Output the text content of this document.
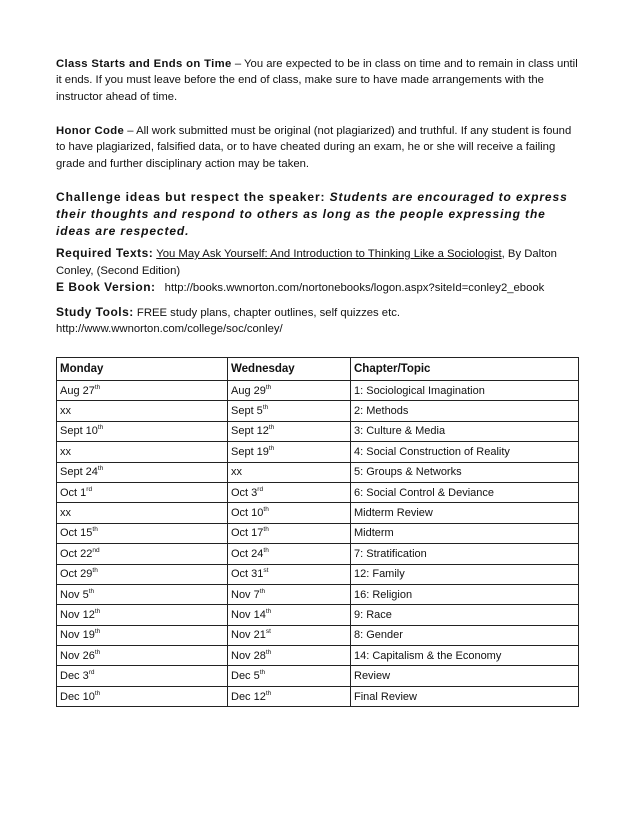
Class Starts and Ends on Time – You are expected to be in class on time and to remain in class until it ends. If you must leave before the end of class, make sure to have made arrangements with the instructor ahead of time.

Honor Code – All work submitted must be original (not plagiarized) and truthful. If any student is found to have plagiarized, falsified data, or to have cheated during an exam, he or she will receive a failing grade and further disciplinary action may be taken.

Challenge ideas but respect the speaker: Students are encouraged to express their thoughts and respond to others as long as the people expressing the ideas are respected.

Required Texts: You May Ask Yourself: And Introduction to Thinking Like a Sociologist, By Dalton Conley, (Second Edition)

E Book Version: http://books.wwnorton.com/nortonebooks/logon.aspx?siteId=conley2_ebook

Study Tools: FREE study plans, chapter outlines, self quizzes etc.
http://www.wwnorton.com/college/soc/conley/

Monday	Wednesday	Chapter/Topic
Aug 27th	Aug 29th	1: Sociological Imagination
xx	Sept 5th	2: Methods
Sept 10th	Sept 12th	3: Culture & Media
xx	Sept 19th	4: Social Construction of Reality
Sept 24th	xx	5: Groups & Networks
Oct 1rd	Oct 3rd	6: Social Control & Deviance
xx	Oct 10th	Midterm Review
Oct 15th	Oct 17th	Midterm
Oct 22nd	Oct 24th	7: Stratification
Oct 29th	Oct 31st	12: Family
Nov 5th	Nov 7th	16: Religion
Nov 12th	Nov 14th	9: Race
Nov 19th	Nov 21st	8: Gender
Nov 26th	Nov 28th	14: Capitalism & the Economy
Dec 3rd	Dec 5th	Review
Dec 10th	Dec 12th	Final Review
